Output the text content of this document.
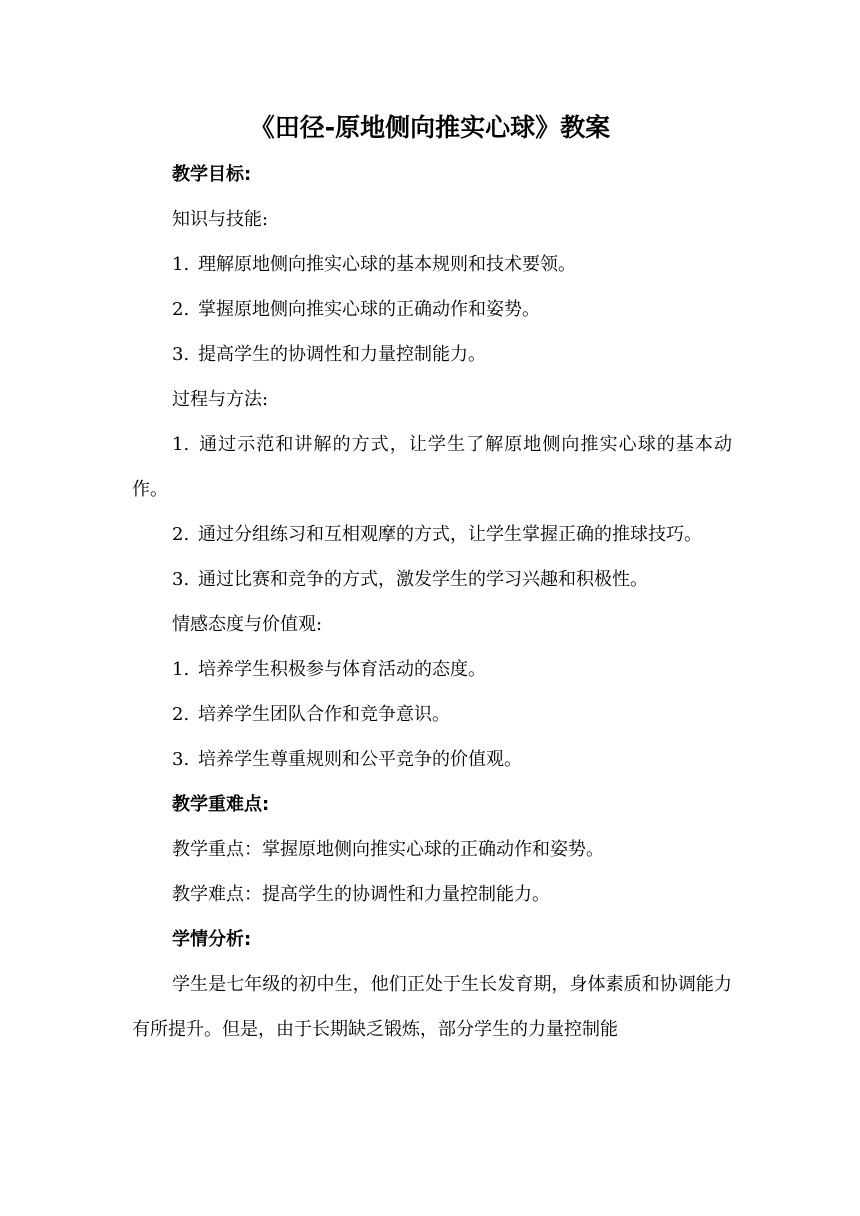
《田径-原地侧向推实心球》教案

教学目标:

知识与技能:

1. 理解原地侧向推实心球的基本规则和技术要领。

2. 掌握原地侧向推实心球的正确动作和姿势。

3. 提高学生的协调性和力量控制能力。

过程与方法:

1. 通过示范和讲解的方式，让学生了解原地侧向推实心球的基本动作。

2. 通过分组练习和互相观摩的方式，让学生掌握正确的推球技巧。

3. 通过比赛和竞争的方式，激发学生的学习兴趣和积极性。

情感态度与价值观:

1. 培养学生积极参与体育活动的态度。

2. 培养学生团队合作和竞争意识。

3. 培养学生尊重规则和公平竞争的价值观。

教学重难点:

教学重点：掌握原地侧向推实心球的正确动作和姿势。

教学难点：提高学生的协调性和力量控制能力。

学情分析:

学生是七年级的初中生，他们正处于生长发育期，身体素质和协调能力有所提升。但是，由于长期缺乏锻炼，部分学生的力量控制能
